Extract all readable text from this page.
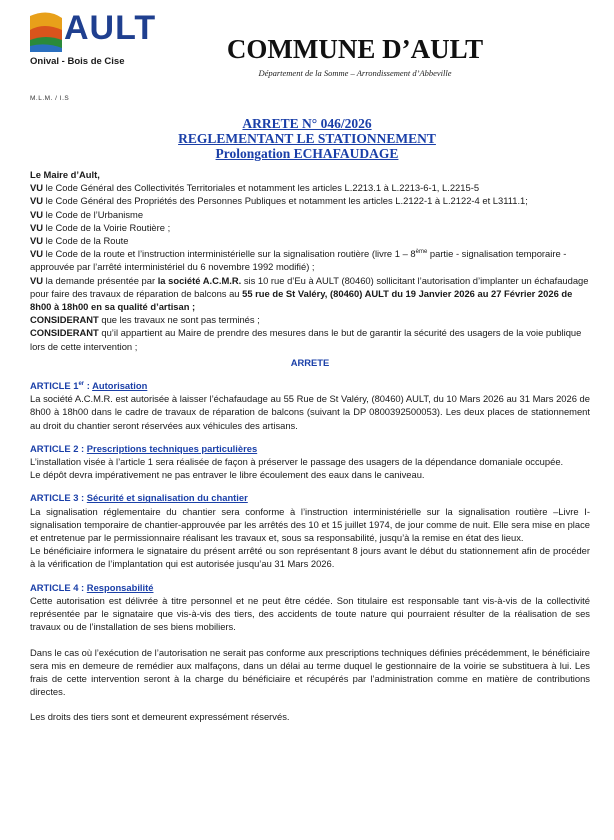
AULT
Onival - Bois de Cise	COMMUNE D’AULT
Département de la Somme – Arrondissement d’Abbeville
M.L.M. / I.S
ARRETE N° 046/2026
REGLEMENTANT LE STATIONNEMENT
Prolongation ECHAFAUDAGE

Le Maire d’Ault,

VU le Code Général des Collectivités Territoriales et notamment les articles L.2213.1 à L.2213-6-1, L.2215-5

VU le Code Général des Propriétés des Personnes Publiques et notamment les articles L.2122-1 à L.2122-4 et L3111.1;

VU le Code de l’Urbanisme

VU le Code de la Voirie Routière ;

VU le Code de la Route

VU le Code de la route et l’instruction interministérielle sur la signalisation routière (livre 1 – 8ème partie - signalisation temporaire - approuvée par l’arrêté interministériel du 6 novembre 1992 modifié) ;

VU la demande présentée par la société A.C.M.R. sis 10 rue d’Eu à AULT (80460) sollicitant l’autorisation d’implanter un échafaudage pour faire des travaux de réparation de balcons au 55 rue de St Valéry, (80460) AULT du 19 Janvier 2026 au 27 Février 2026 de 8h00 à 18h00 en sa qualité d’artisan ;

CONSIDERANT que les travaux ne sont pas terminés ;

CONSIDERANT qu’il appartient au Maire de prendre des mesures dans le but de garantir la sécurité des usagers de la voie publique lors de cette intervention ;

ARRETE

ARTICLE 1er : Autorisation

La société A.C.M.R. est autorisée à laisser l’échafaudage au 55 Rue de St Valéry, (80460) AULT, du 10 Mars 2026 au 31 Mars 2026 de 8h00 à 18h00 dans le cadre de travaux de réparation de balcons (suivant la DP 0800392500053). Les deux places de stationnement au droit du chantier seront réservées aux véhicules des artisans.

ARTICLE 2 : Prescriptions techniques particulières

L’installation visée à l’article 1 sera réalisée de façon à préserver le passage des usagers de la dépendance domaniale occupée.

Le dépôt devra impérativement ne pas entraver le libre écoulement des eaux dans le caniveau.

ARTICLE 3 : Sécurité et signalisation du chantier

La signalisation réglementaire du chantier sera conforme à l’instruction interministérielle sur la signalisation routière –Livre I- signalisation temporaire de chantier-approuvée par les arrêtés des 10 et 15 juillet 1974, de jour comme de nuit. Elle sera mise en place et entretenue par le permissionnaire réalisant les travaux et, sous sa responsabilité, jusqu’à la remise en état des lieux.

Le bénéficiaire informera le signataire du présent arrêté ou son représentant 8 jours avant le début du stationnement afin de procéder à la vérification de l’implantation qui est autorisée jusqu’au 31 Mars 2026.

ARTICLE 4 : Responsabilité

Cette autorisation est délivrée à titre personnel et ne peut être cédée. Son titulaire est responsable tant vis-à-vis de la collectivité représentée par le signataire que vis-à-vis des tiers, des accidents de toute nature qui pourraient résulter de la réalisation de ses travaux ou de l’installation de ses biens mobiliers.

Dans le cas où l’exécution de l’autorisation ne serait pas conforme aux prescriptions techniques définies précédemment, le bénéficiaire sera mis en demeure de remédier aux malfaçons, dans un délai au terme duquel le gestionnaire de la voirie se substituera à lui. Les frais de cette intervention seront à la charge du bénéficiaire et récupérés par l’administration comme en matière de contributions directes.

Les droits des tiers sont et demeurent expressément réservés.
